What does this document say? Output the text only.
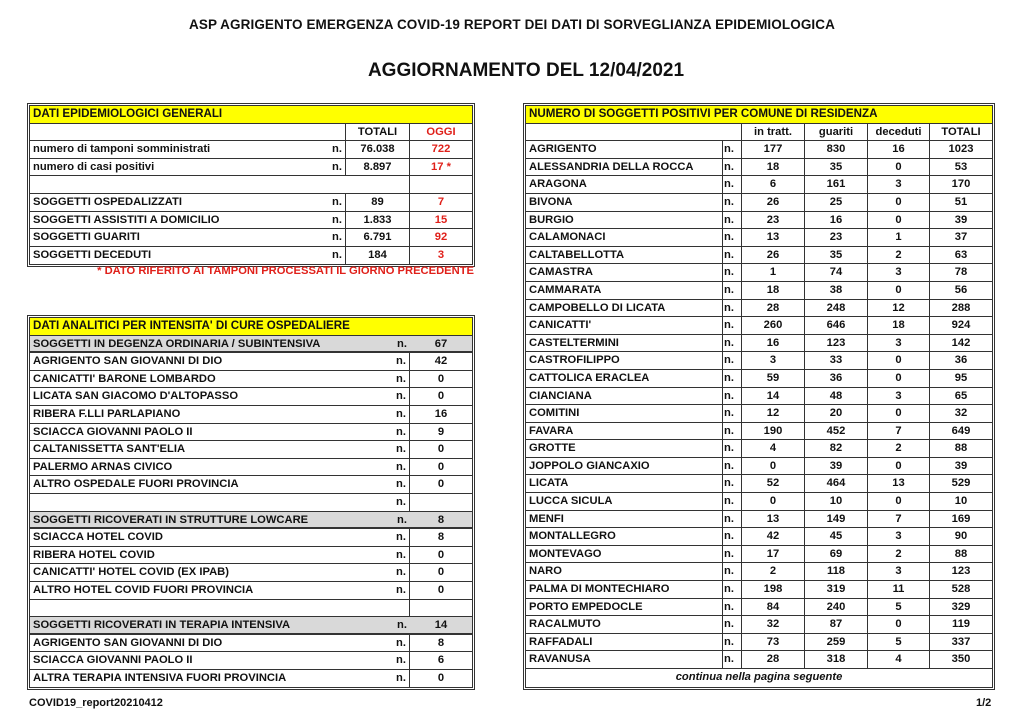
ASP AGRIGENTO EMERGENZA COVID-19 REPORT DEI DATI DI SORVEGLIANZA EPIDEMIOLOGICA
AGGIORNAMENTO DEL 12/04/2021
DATI EPIDEMIOLOGICI GENERALI
TOTALI	OGGI
numero di tamponi somministrati	n.	76.038	722
numero di casi positivi	n.	8.897	17 *
SOGGETTI OSPEDALIZZATI	n.	89	7
SOGGETTI ASSISTITI A DOMICILIO	n.	1.833	15
SOGGETTI GUARITI	n.	6.791	92
SOGGETTI DECEDUTI	n.	184	3
* DATO RIFERITO AI TAMPONI PROCESSATI IL GIORNO PRECEDENTE
DATI ANALITICI PER INTENSITA' DI CURE OSPEDALIERE
SOGGETTI IN DEGENZA ORDINARIA / SUBINTENSIVA	n.	67
AGRIGENTO SAN GIOVANNI DI DIO	n.	42
CANICATTI' BARONE LOMBARDO	n.	0
LICATA SAN GIACOMO D'ALTOPASSO	n.	0
RIBERA F.LLI PARLAPIANO	n.	16
SCIACCA GIOVANNI PAOLO II	n.	9
CALTANISSETTA SANT'ELIA	n.	0
PALERMO ARNAS CIVICO	n.	0
ALTRO OSPEDALE FUORI PROVINCIA	n.	0
n.
SOGGETTI RICOVERATI IN STRUTTURE LOWCARE	n.	8
SCIACCA HOTEL COVID	n.	8
RIBERA HOTEL COVID	n.	0
CANICATTI' HOTEL COVID (EX IPAB)	n.	0
ALTRO HOTEL COVID FUORI PROVINCIA	n.	0
SOGGETTI RICOVERATI IN TERAPIA INTENSIVA	n.	14
AGRIGENTO SAN GIOVANNI DI DIO	n.	8
SCIACCA GIOVANNI PAOLO II	n.	6
ALTRA TERAPIA INTENSIVA FUORI PROVINCIA	n.	0
NUMERO DI SOGGETTI POSITIVI PER COMUNE DI RESIDENZA
in tratt.	guariti	deceduti	TOTALI
AGRIGENTO	n.	177	830	16	1023
ALESSANDRIA DELLA ROCCA	n.	18	35	0	53
ARAGONA	n.	6	161	3	170
BIVONA	n.	26	25	0	51
BURGIO	n.	23	16	0	39
CALAMONACI	n.	13	23	1	37
CALTABELLOTTA	n.	26	35	2	63
CAMASTRA	n.	1	74	3	78
CAMMARATA	n.	18	38	0	56
CAMPOBELLO DI LICATA	n.	28	248	12	288
CANICATTI'	n.	260	646	18	924
CASTELTERMINI	n.	16	123	3	142
CASTROFILIPPO	n.	3	33	0	36
CATTOLICA ERACLEA	n.	59	36	0	95
CIANCIANA	n.	14	48	3	65
COMITINI	n.	12	20	0	32
FAVARA	n.	190	452	7	649
GROTTE	n.	4	82	2	88
JOPPOLO GIANCAXIO	n.	0	39	0	39
LICATA	n.	52	464	13	529
LUCCA SICULA	n.	0	10	0	10
MENFI	n.	13	149	7	169
MONTALLEGRO	n.	42	45	3	90
MONTEVAGO	n.	17	69	2	88
NARO	n.	2	118	3	123
PALMA DI MONTECHIARO	n.	198	319	11	528
PORTO EMPEDOCLE	n.	84	240	5	329
RACALMUTO	n.	32	87	0	119
RAFFADALI	n.	73	259	5	337
RAVANUSA	n.	28	318	4	350
continua nella pagina seguente
COVID19_report20210412	1/2
